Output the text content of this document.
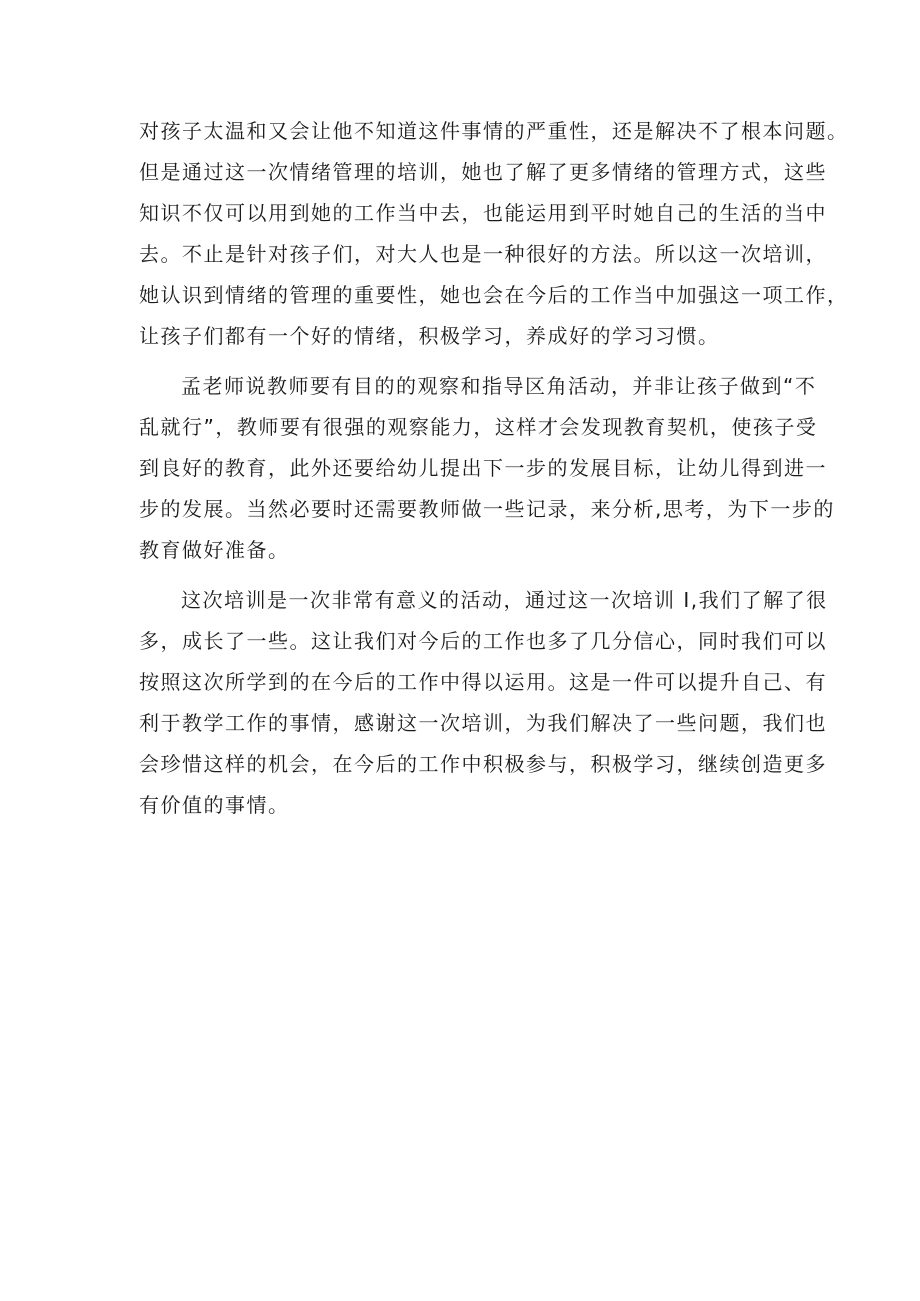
对孩子太温和又会让他不知道这件事情的严重性，还是解决不了根本问题。
但是通过这一次情绪管理的培训，她也了解了更多情绪的管理方式，这些
知识不仅可以用到她的工作当中去，也能运用到平时她自己的生活的当中
去。不止是针对孩子们，对大人也是一种很好的方法。所以这一次培训，
她认识到情绪的管理的重要性，她也会在今后的工作当中加强这一项工作，
让孩子们都有一个好的情绪，积极学习，养成好的学习习惯。
孟老师说教师要有目的的观察和指导区角活动，并非让孩子做到“不
乱就行”，教师要有很强的观察能力，这样才会发现教育契机，使孩子受
到良好的教育，此外还要给幼儿提出下一步的发展目标，让幼儿得到进一
步的发展。当然必要时还需要教师做一些记录，来分析,思考，为下一步的
教育做好准备。
这次培训是一次非常有意义的活动，通过这一次培训 I,我们了解了很
多，成长了一些。这让我们对今后的工作也多了几分信心，同时我们可以
按照这次所学到的在今后的工作中得以运用。这是一件可以提升自己、有
利于教学工作的事情，感谢这一次培训，为我们解决了一些问题，我们也
会珍惜这样的机会，在今后的工作中积极参与，积极学习，继续创造更多
有价值的事情。
